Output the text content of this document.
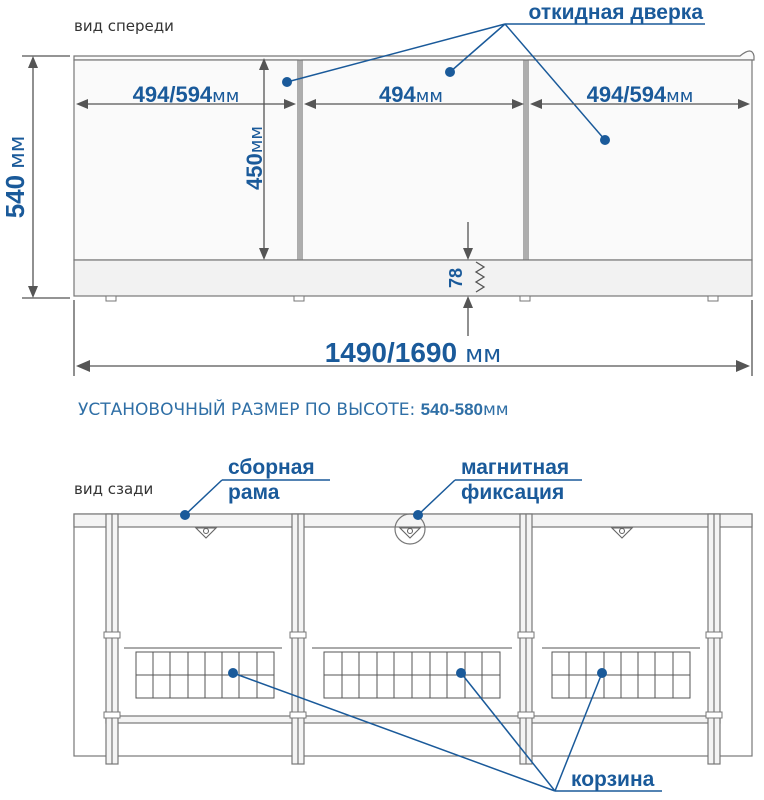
вид спереди
откидная дверка
494/594мм	494мм	494/594мм
450мм
540мм
78
1490/1690 мм
УСТАНОВОЧНЫЙ РАЗМЕР ПО ВЫСОТЕ: 540-580мм
вид сзади
сборная
рама
магнитная
фиксация
корзина
